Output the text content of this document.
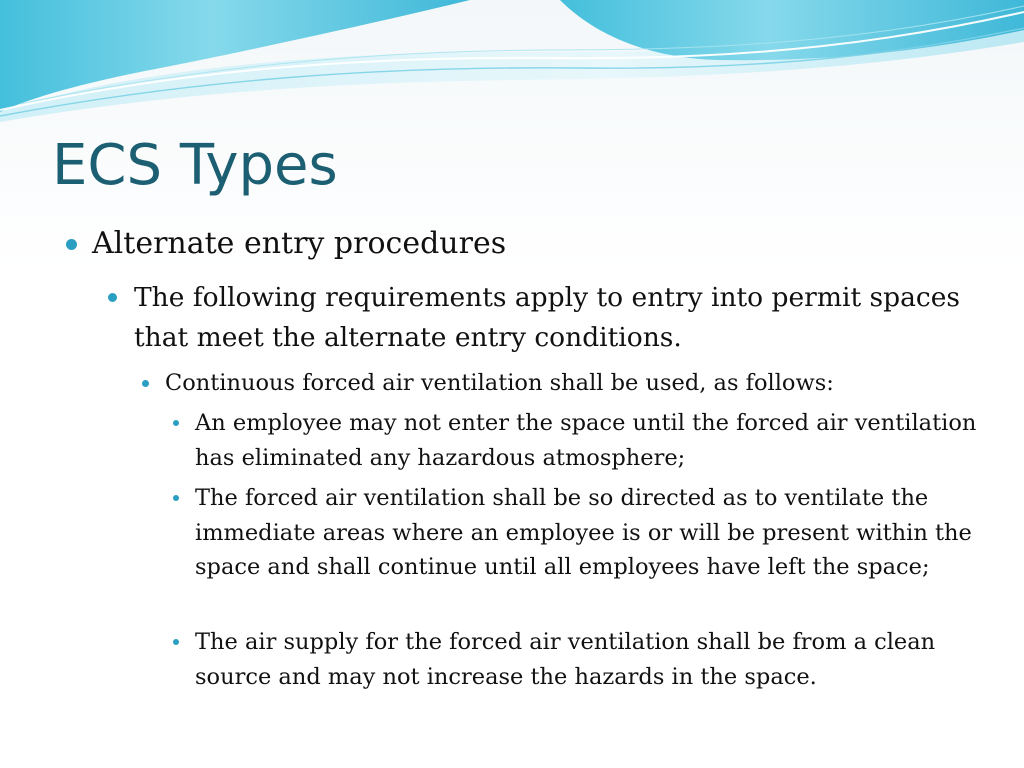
ECS Types

Alternate entry procedures

The following requirements apply to entry into permit spaces that meet the alternate entry conditions.

Continuous forced air ventilation shall be used, as follows:

An employee may not enter the space until the forced air ventilation has eliminated any hazardous atmosphere;

The forced air ventilation shall be so directed as to ventilate the immediate areas where an employee is or will be present within the space and shall continue until all employees have left the space;

The air supply for the forced air ventilation shall be from a clean source and may not increase the hazards in the space.
